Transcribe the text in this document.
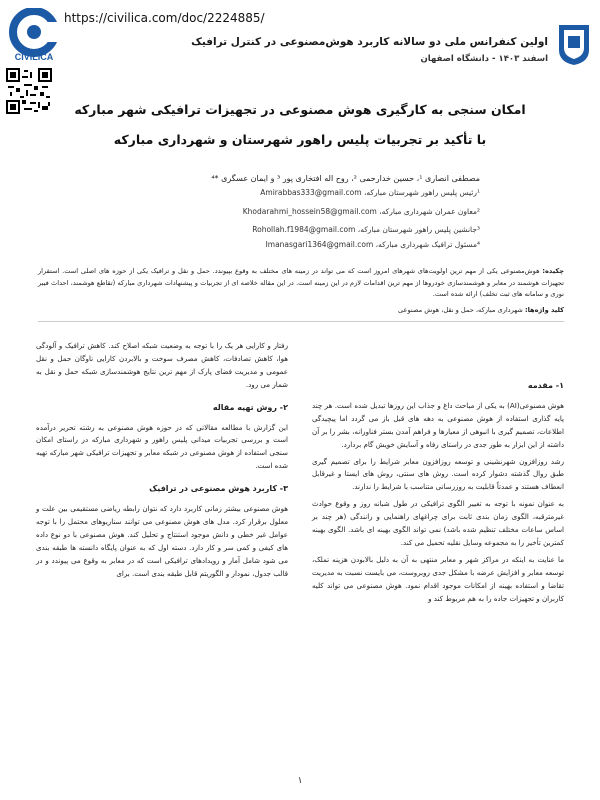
CIVILICA
https://civilica.com/doc/2224885/
اولین کنفرانس ملی دو سالانه کاربرد هوش‌مصنوعی در کنترل ترافیک
اسفند ۱۴۰۳ - دانشگاه اصفهان
امکان سنجی به کارگیری هوش مصنوعی در تجهیزات ترافیکی شهر مبارکه
با تأکید بر تجربیات پلیس راهور شهرستان و شهرداری مبارکه
مصطفی انصاری ¹، حسین خدارحمی ²، روح اله افتخاری پور ³ و ایمان عسگری *⁴
¹رئیس پلیس راهور شهرستان مبارکه، Amirabbas333@gmail.com
²معاون عمران شهرداری مبارکه، Khodarahmi_hossein58@gmail.com
³جانشین پلیس راهور شهرستان مبارکه، Rohollah.f1984@gmail.com
⁴مسئول ترافیک شهرداری مبارکه، Imanasgari1364@gmail.com
چکیده: هوش‌مصنوعی یکی از مهم ترین اولویت‌های شهرهای امروز است که می تواند در زمینه های مختلف به وقوع بپیوندد. حمل و نقل و ترافیک یکی از حوزه های اصلی است. استقرار تجهیزات هوشمند در معابر و هوشمندسازی خودروها از مهم ترین اقدامات لازم در این زمینه است. در این مقاله خلاصه ای از تجربیات و پیشنهادات شهرداری مبارکه (تقاطع هوشمند، احداث فیبر نوری و سامانه های ثبت تخلف) ارائه شده است.
کلید واژه‌ها: شهرداری مبارکه، حمل و نقل، هوش مصنوعی
۱- مقدمه

هوش مصنوعی(AI) به یکی از مباحث داغ و جذاب این روزها تبدیل شده است. هر چند پایه گذاری استفاده از هوش مصنوعی به دهه های قبل باز می گردد اما پیچیدگی اطلاعات، تصمیم گیری با انبوهی از معیارها و فراهم آمدن بستر فناورانه، بشر را بر آن داشته از این ابزار به طور جدی در راستای رفاه و آسایش خویش گام بردارد.

رشد روزافزون شهرنشینی و توسعه روزافزون معابر شرایط را برای تصمیم گیری طبق روال گذشته دشوار کرده است. روش های سنتی، روش های ایستا و غیرقابل انعطاف هستند و عمدتاً قابلیت به روزرسانی متناسب با شرایط را ندارند.

به عنوان نمونه با توجه به تغییر الگوی ترافیکی در طول شبانه روز و وقوع حوادث غیرمترقبه، الگوی زمان بندی ثابت برای چراغهای راهنمایی و رانندگی (هر چند بر اساس ساعات مختلف تنظیم شده باشد) نمی تواند الگوی بهینه ای باشد. الگوی بهینه کمترین تأخیر را به مجموعه وسایل نقلیه تحمیل می کند.

ما عنایت به اینکه در مراکز شهر و معابر منتهی به آن به دلیل بالابودن هزینه تملک، توسعه معابر و افزایش عرضه با مشکل جدی روبروست، می بایست نسبت به مدیریت تقاضا و استفاده بهینه از امکانات موجود اقدام نمود. هوش مصنوعی می تواند کلیه کاربران و تجهیزات جاده را به هم مربوط کند و

رفتار و کارایی هر یک را با توجه به وضعیت شبکه اصلاح کند. کاهش ترافیک و آلودگی هوا، کاهش تصادفات، کاهش مصرف سوخت و بالابردن کارایی ناوگان حمل و نقل عمومی و مدیریت فضای پارک از مهم ترین نتایج هوشمندسازی شبکه حمل و نقل به شمار می رود.

۲- روش تهیه مقاله

این گزارش با مطالعه مقالاتی که در حوزه هوش مصنوعی به رشته تحریر درآمده است و بررسی تجربیات میدانی پلیس راهور و شهرداری مبارکه در راستای امکان سنجی استفاده از هوش مصنوعی در شبکه معابر و تجهیزات ترافیکی شهر مبارکه تهیه شده است.

۳- کاربرد هوش مصنوعی در ترافیک

هوش مصنوعی بیشتر زمانی کاربرد دارد که نتوان رابطه ریاضی مستقیمی بین علت و معلول برقرار کرد. مدل های هوش مصنوعی می توانند سناریوهای محتمل را با توجه عوامل غیر خطی و دانش موجود استنتاج و تحلیل کند. هوش مصنوعی با دو نوع داده های کیفی و کمی سر و کار دارد. دسته اول که به عنوان پایگاه دانسته ها طبقه بندی می شود شامل آمار و رویدادهای ترافیکی است که در معابر به وقوع می پیوندد و در قالب جدول، نمودار و الگوریتم قابل طبقه بندی است. برای

۱
